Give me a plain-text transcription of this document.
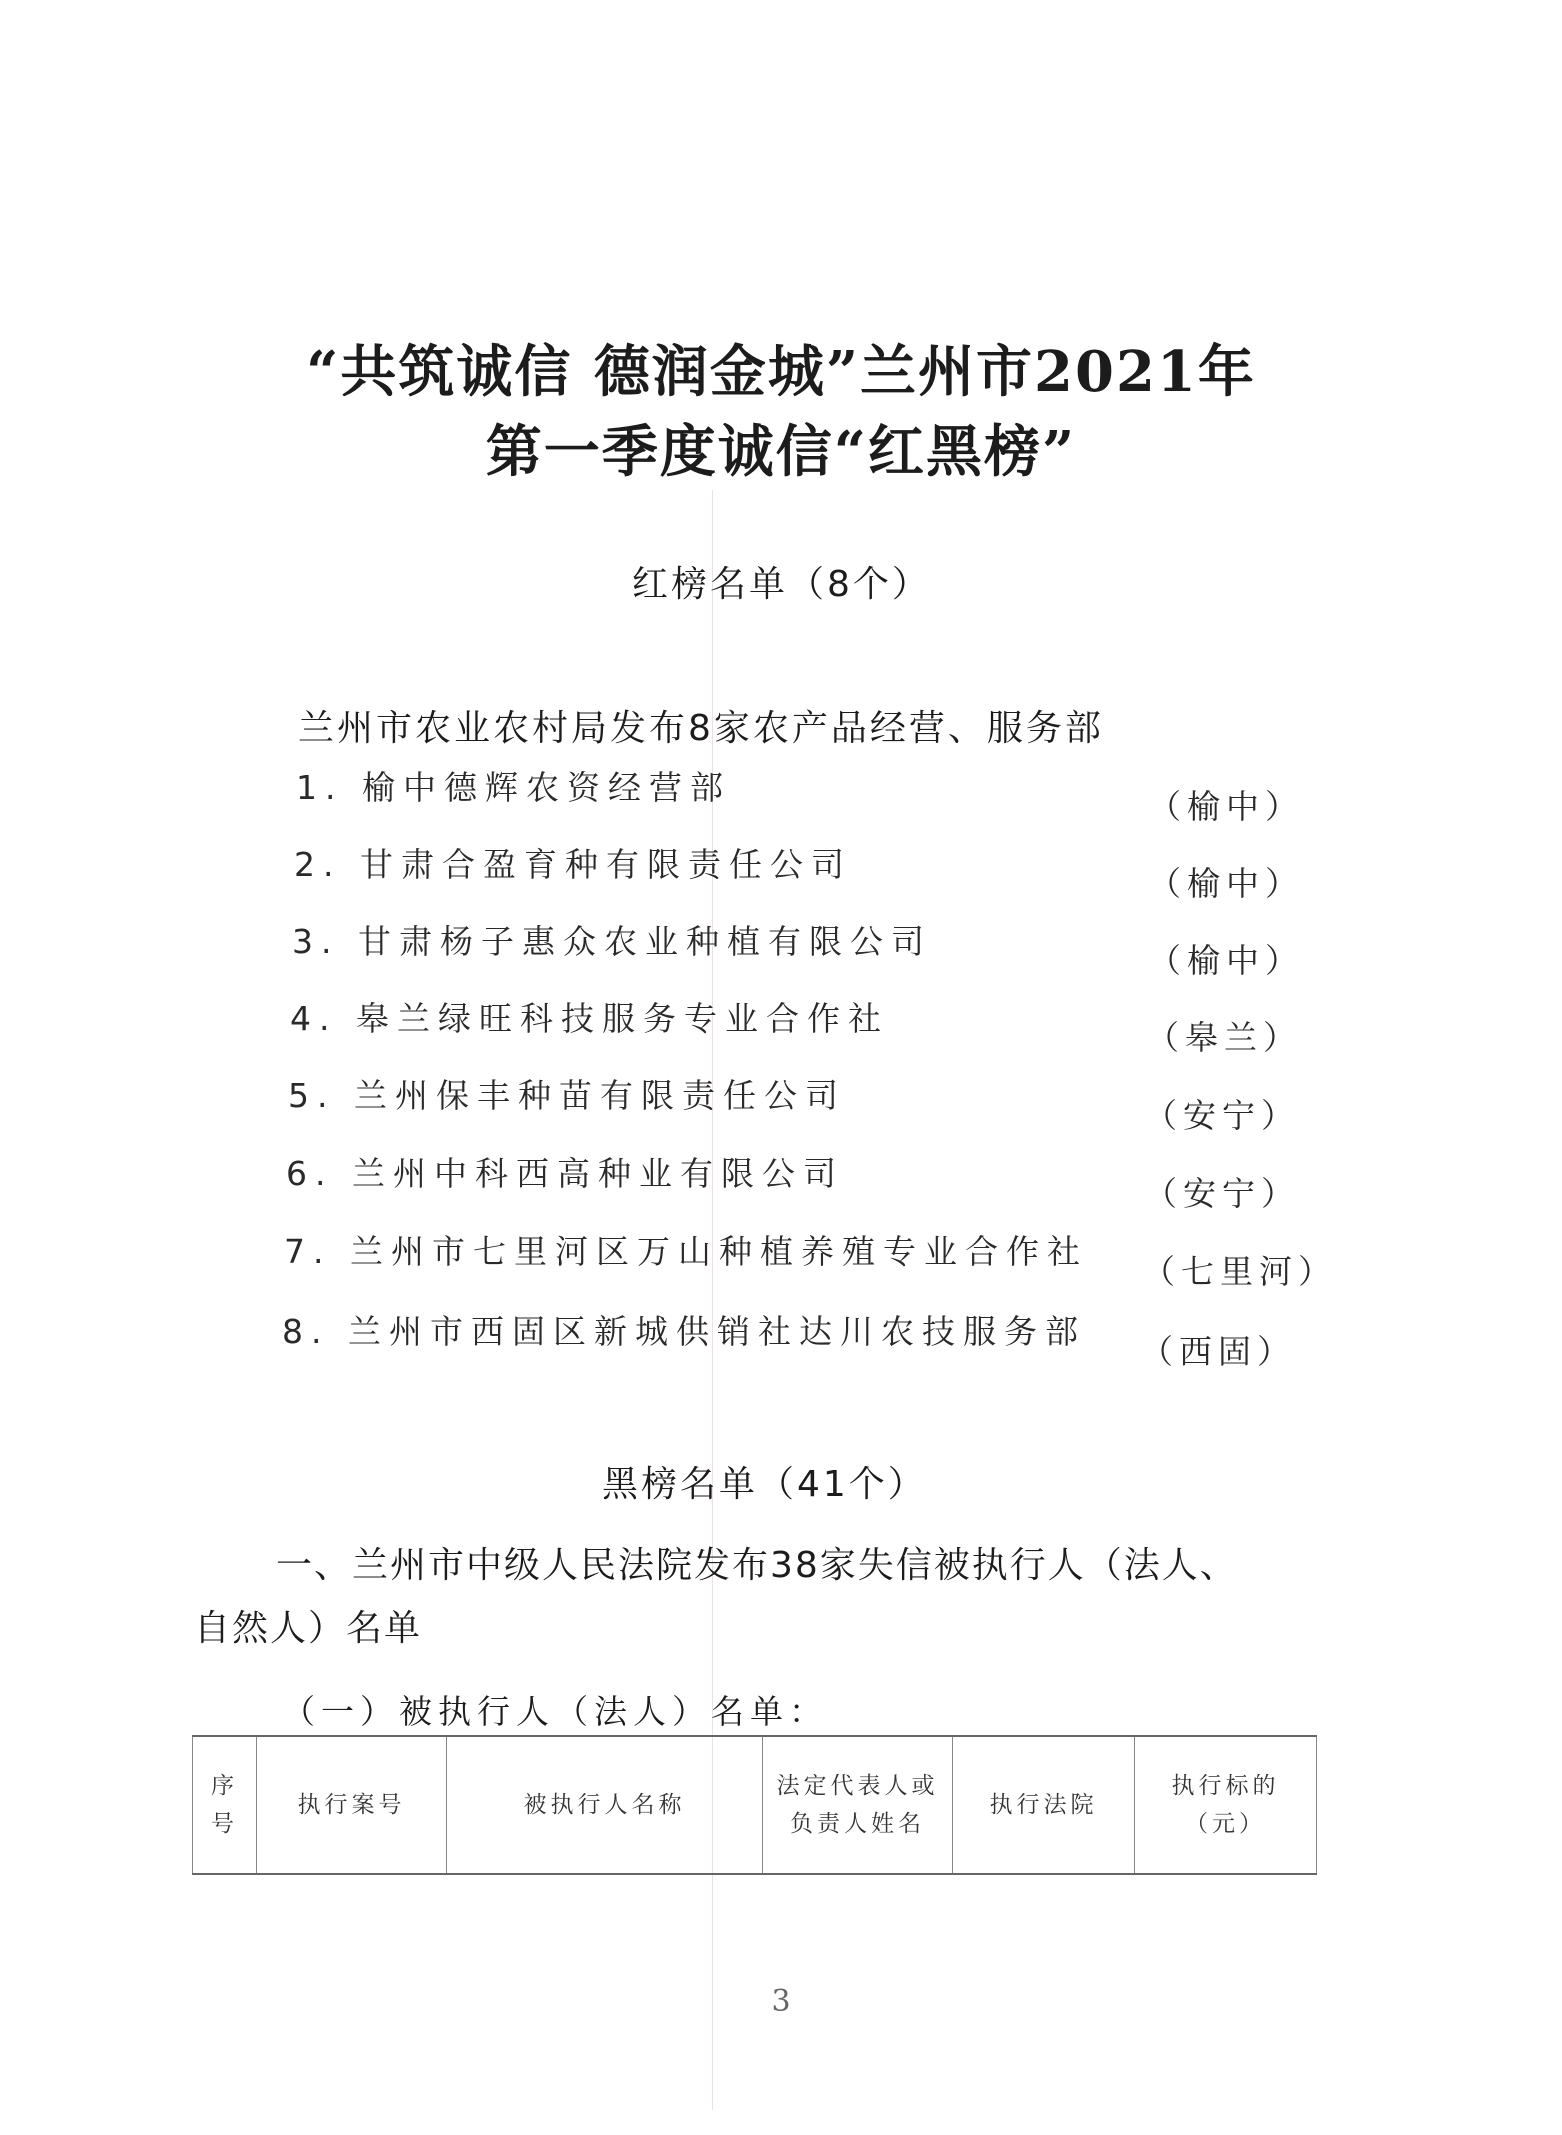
“共筑诚信 德润金城”兰州市2021年
第一季度诚信“红黑榜”
红榜名单（8个）
兰州市农业农村局发布8家农产品经营、服务部
1. 榆中德辉农资经营部	（榆中）
2. 甘肃合盈育种有限责任公司	（榆中）
3. 甘肃杨子惠众农业种植有限公司	（榆中）
4. 皋兰绿旺科技服务专业合作社	（皋兰）
5. 兰州保丰种苗有限责任公司
（安宁）
6. 兰州中科西高种业有限公司
（安宁）
7. 兰州市七里河区万山种植养殖专业合作社
（七里河）
8. 兰州市西固区新城供销社达川农技服务部
（西固）
黑榜名单（41个）
一、兰州市中级人民法院发布38家失信被执行人（法人、
自然人）名单
（一）被执行人（法人）名单：
序号	执行案号	被执行人名称	法定代表人或负责人姓名	执行法院	执行标的（元）
3
